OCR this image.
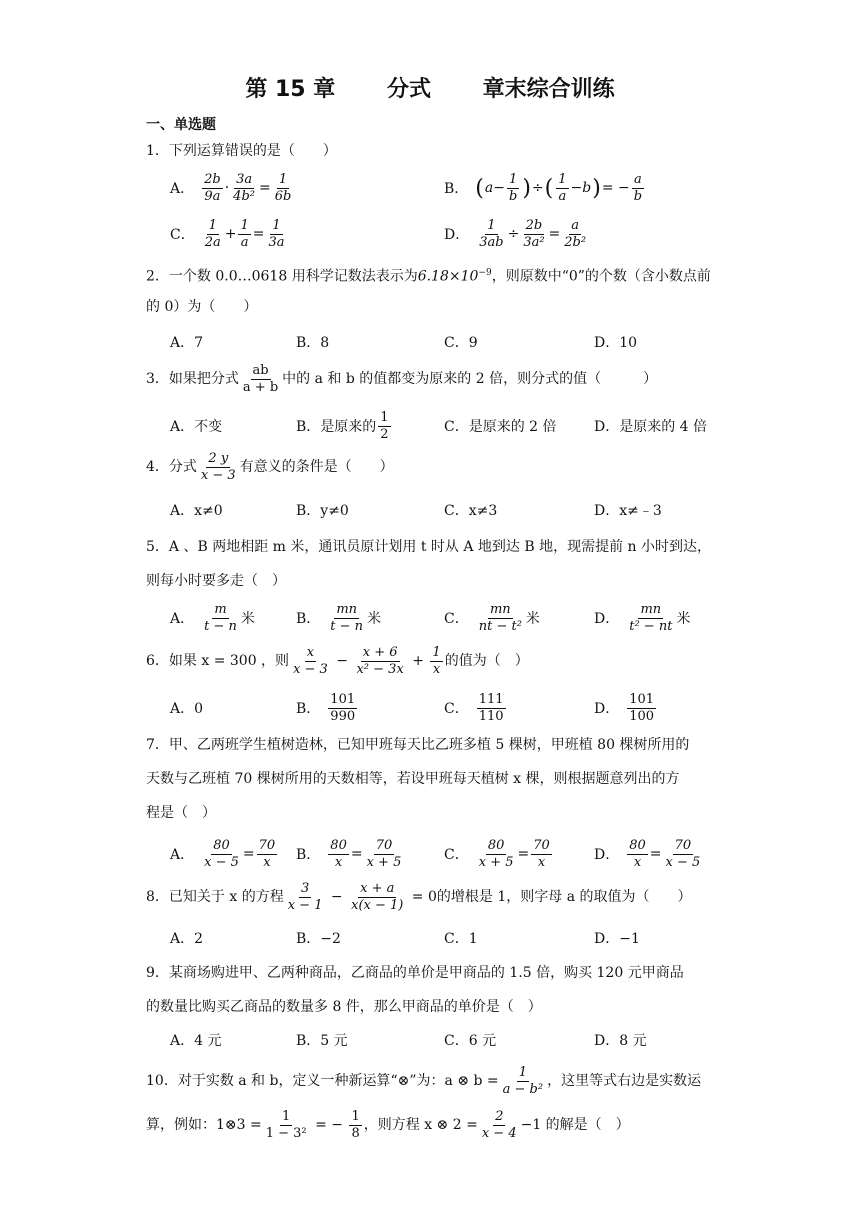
第 15 章 分式 章末综合训练
一、单选题
1．下列运算错误的是（　　）
A． $\frac{2b}{9a} \cdot \frac{3a}{\text{4b²}} = \frac{1}{6b}$	B． ( $a - \frac{1}{b}$ ) ÷ ( $\frac{1}{a} - b$ ) = − $\frac{a}{b}$
C． $\frac{1}{2a} + \frac{1}{a} = \frac{1}{3a}$	D． $\frac{1}{3ab} \div \frac{2b}{\text{3a²}} = \frac{a}{\text{2b²}}$
2．一个数 0.0…0618 用科学记数法表示为$6.18\times 10^{-9}$，则原数中“0”的个数（含小数点前
的 0）为（　　）
A．7	B．8	C．9	D．10
3．如果把分式 $\frac{ab}{a + b}$ 中的 a 和 b 的值都变为原来的 2 倍，则分式的值（　　　）
A．不变	B．是原来的 $\frac{1}{2}$	C．是原来的 2 倍	D．是原来的 4 倍
4．分式 $\frac{2 y}{x - 3}$ 有意义的条件是（　　）
A．x≠0	B．y≠0	C．x≠3	D．x≠﹣3
5．A 、B 两地相距 m 米，通讯员原计划用 t 时从 A 地到达 B 地，现需提前 n 小时到达，
则每小时要多走（　）
A． $\frac{m}{t - n}$ 米	B． $\frac{mn}{t - n}$ 米	C． $\frac{mn}{\text{nt − t²}}$ 米	D． $\frac{mn}{\text{t² − nt}}$ 米
6．如果 x = 300 ，则 $\frac{x}{x - 3} - \frac{x + 6}{\text{x² − 3x}} + \frac{1}{x}$ 的值为（　）
A．0	B． $\frac{101}{990}$	C． $\frac{111}{110}$	D． $\frac{101}{100}$
7．甲、乙两班学生植树造林，已知甲班每天比乙班多植 5 棵树，甲班植 80 棵树所用的
天数与乙班植 70 棵树所用的天数相等，若设甲班每天植树 x 棵，则根据题意列出的方
程是（　）
A． $\frac{80}{x - 5} = \frac{70}{x}$ B． $\frac{80}{x} = \frac{70}{x + 5}$	C． $\frac{80}{x + 5} = \frac{70}{x}$	D． $\frac{80}{x} = \frac{70}{x - 5}$
8．已知关于 x 的方程 $\frac{3}{x - 1} - \frac{x + a}{x(x - 1)} = 0$的增根是 1，则字母 a 的取值为（　　）
A．2	B．−2	C．1	D．−1
9．某商场购进甲、乙两种商品，乙商品的单价是甲商品的 1.5 倍，购买 120 元甲商品
的数量比购买乙商品的数量多 8 件，那么甲商品的单价是（　）
A．4 元	B．5 元	C．6 元	D．8 元
10．对于实数 a 和 b，定义一种新运算“⊗”为：a ⊗ $b = \frac{1}{\text{a − b²}}$ ，这里等式右边是实数运
算，例如：1⊗3 = $\frac{1}{\text{1 − 3²}}$ = − $\frac{1}{8}$ ，则方程 x ⊗ $2 = \frac{2}{x - 4} -1$ 的解是（　）
